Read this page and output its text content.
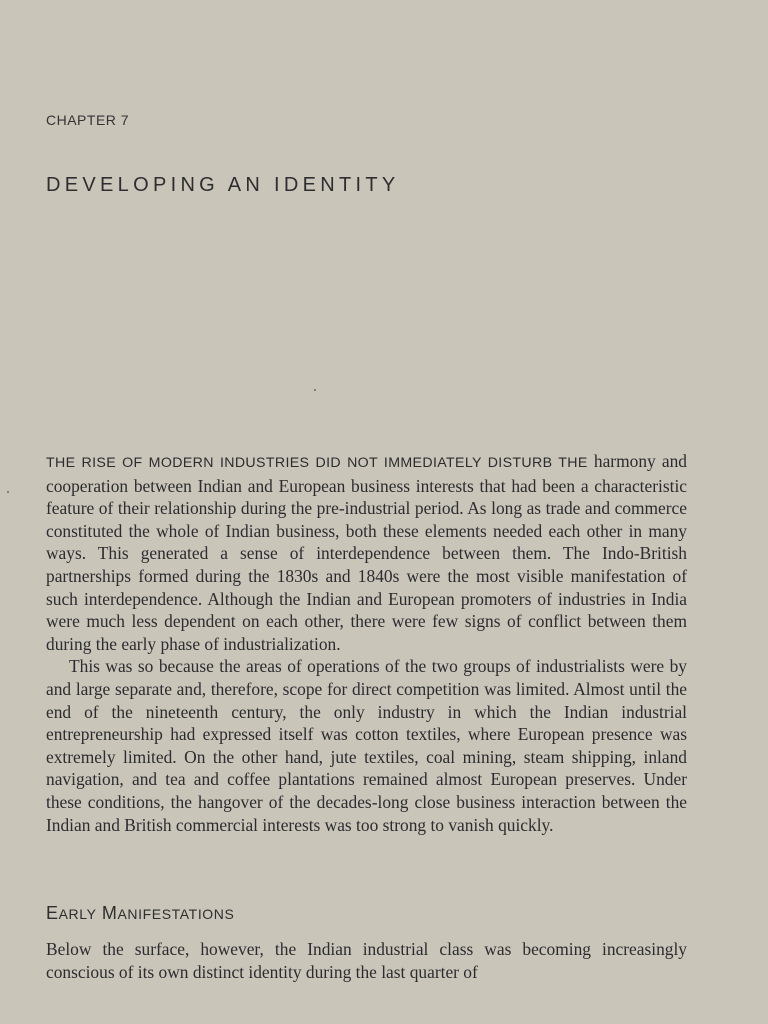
CHAPTER 7
DEVELOPING AN IDENTITY

THE RISE OF MODERN INDUSTRIES DID NOT IMMEDIATELY DISTURB THE harmony and cooperation between Indian and European business interests that had been a characteristic feature of their relationship during the pre-industrial period. As long as trade and commerce constituted the whole of Indian business, both these elements needed each other in many ways. This generated a sense of interdependence between them. The Indo-British partnerships formed during the 1830s and 1840s were the most visible manifestation of such interdependence. Although the Indian and European promoters of industries in India were much less dependent on each other, there were few signs of conflict between them during the early phase of industrialization.

This was so because the areas of operations of the two groups of industrialists were by and large separate and, therefore, scope for direct competition was limited. Almost until the end of the nineteenth century, the only industry in which the Indian industrial entrepreneurship had expressed itself was cotton textiles, where European presence was extremely limited. On the other hand, jute textiles, coal mining, steam shipping, inland navigation, and tea and coffee plantations remained almost European preserves. Under these conditions, the hangover of the decades-long close business interaction between the Indian and British commercial interests was too strong to vanish quickly.

EARLY MANIFESTATIONS

Below the surface, however, the Indian industrial class was becoming increasingly conscious of its own distinct identity during the last quarter of
